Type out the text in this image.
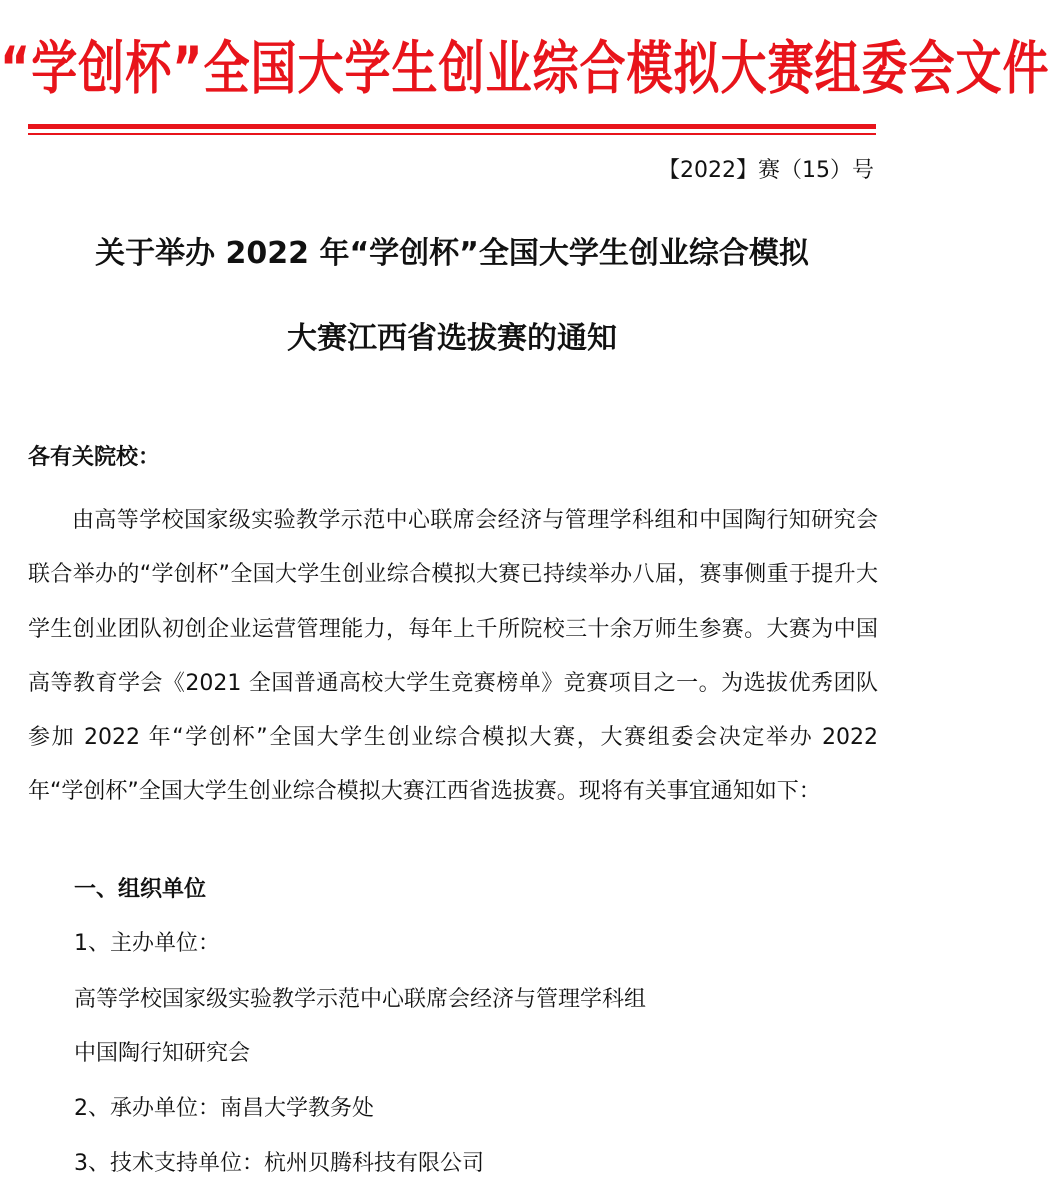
“学创杯”全国大学生创业综合模拟大赛组委会文件
【2022】赛（15）号
关于举办 2022 年“学创杯”全国大学生创业综合模拟
大赛江西省选拔赛的通知
各有关院校：
由高等学校国家级实验教学示范中心联席会经济与管理学科组和中国陶行知研究会联合举办的“学创杯”全国大学生创业综合模拟大赛已持续举办八届，赛事侧重于提升大学生创业团队初创企业运营管理能力，每年上千所院校三十余万师生参赛。大赛为中国高等教育学会《2021 全国普通高校大学生竞赛榜单》竞赛项目之一。为选拔优秀团队参加 2022 年“学创杯”全国大学生创业综合模拟大赛，大赛组委会决定举办 2022 年“学创杯”全国大学生创业综合模拟大赛江西省选拔赛。现将有关事宜通知如下：
一、组织单位
1、主办单位：
高等学校国家级实验教学示范中心联席会经济与管理学科组
中国陶行知研究会
2、承办单位：南昌大学教务处
3、技术支持单位：杭州贝腾科技有限公司
